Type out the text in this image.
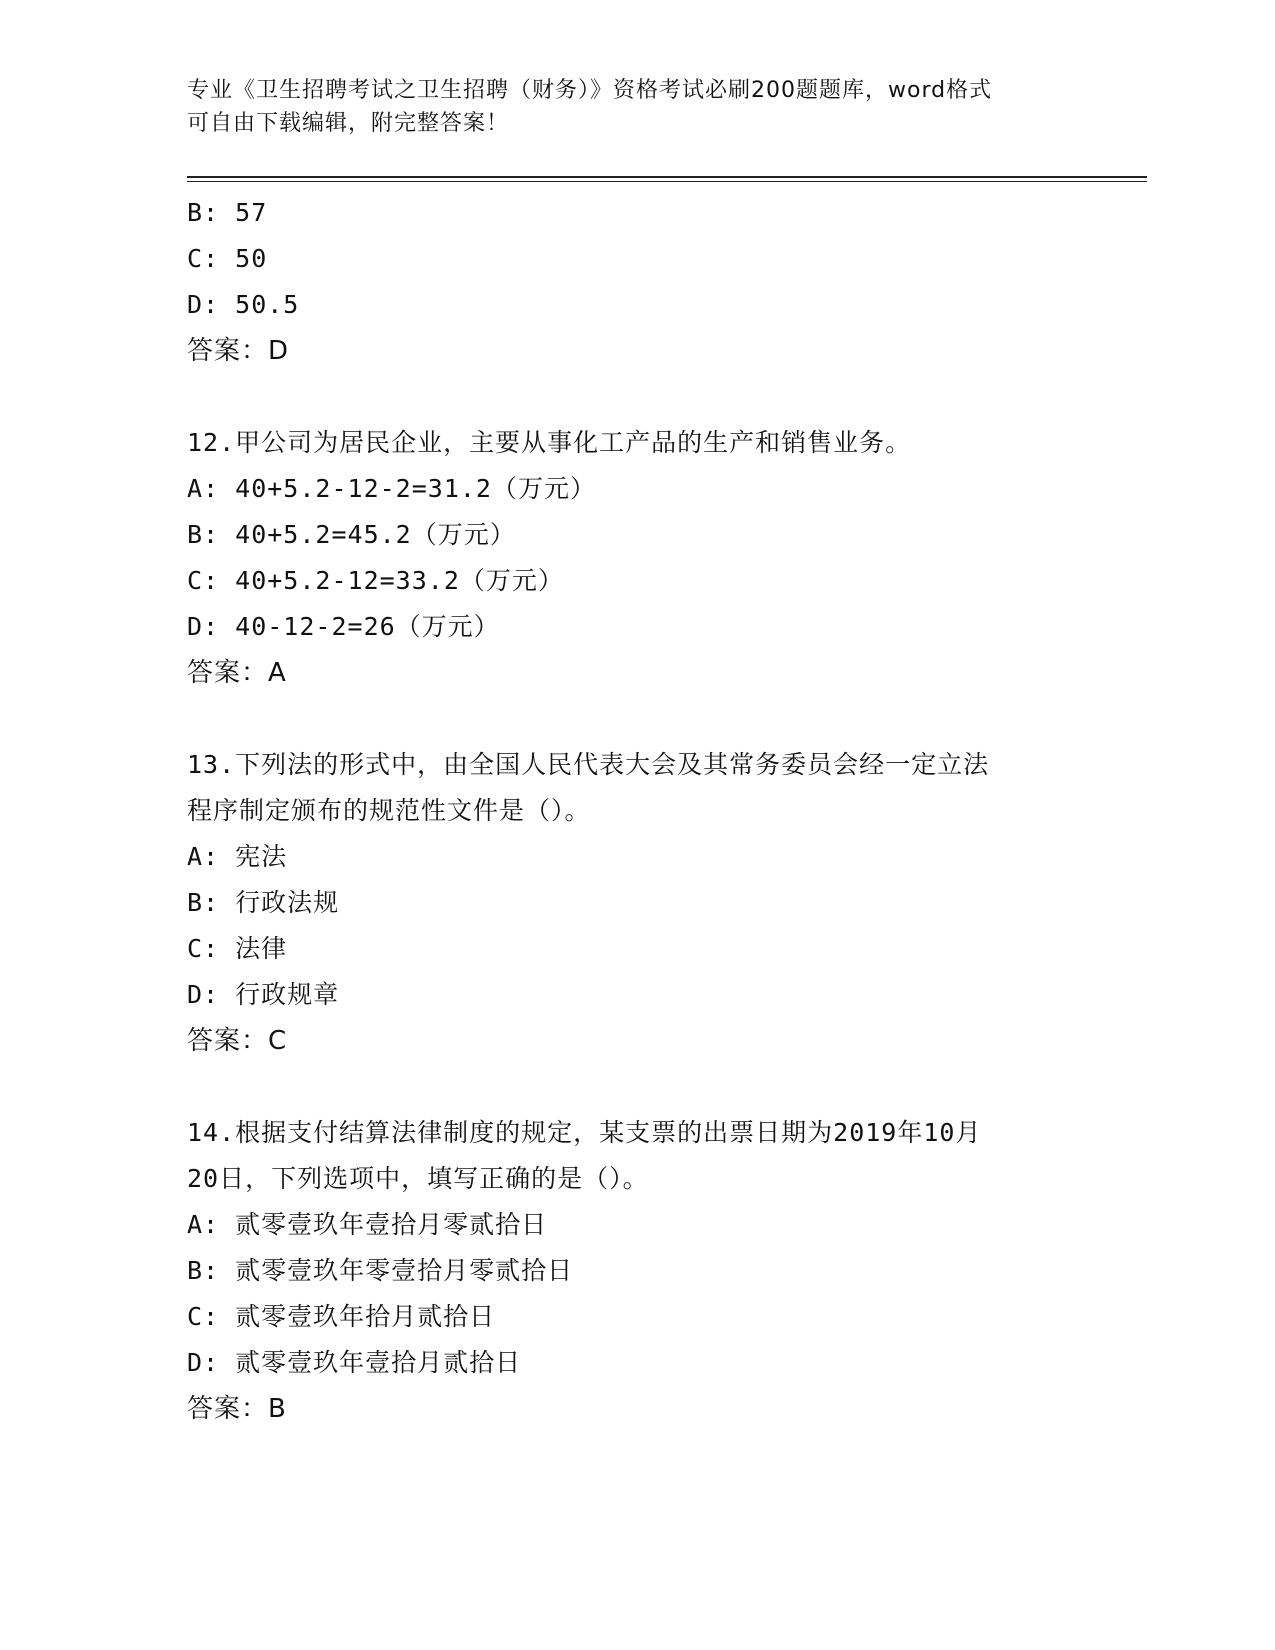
专业《卫生招聘考试之卫生招聘（财务）》资格考试必刷200题题库，word格式
可自由下载编辑，附完整答案！
B: 57
C: 50
D: 50.5
答案：D
12.甲公司为居民企业，主要从事化工产品的生产和销售业务。
A: 40+5.2-12-2=31.2（万元）
B: 40+5.2=45.2（万元）
C: 40+5.2-12=33.2（万元）
D: 40-12-2=26（万元）
答案：A
13.下列法的形式中，由全国人民代表大会及其常务委员会经一定立法
程序制定颁布的规范性文件是（）。
A: 宪法
B: 行政法规
C: 法律
D: 行政规章
答案：C
14.根据支付结算法律制度的规定，某支票的出票日期为2019年10月
20日，下列选项中，填写正确的是（）。
A: 贰零壹玖年壹拾月零贰拾日
B: 贰零壹玖年零壹拾月零贰拾日
C: 贰零壹玖年拾月贰拾日
D: 贰零壹玖年壹拾月贰拾日
答案：B
